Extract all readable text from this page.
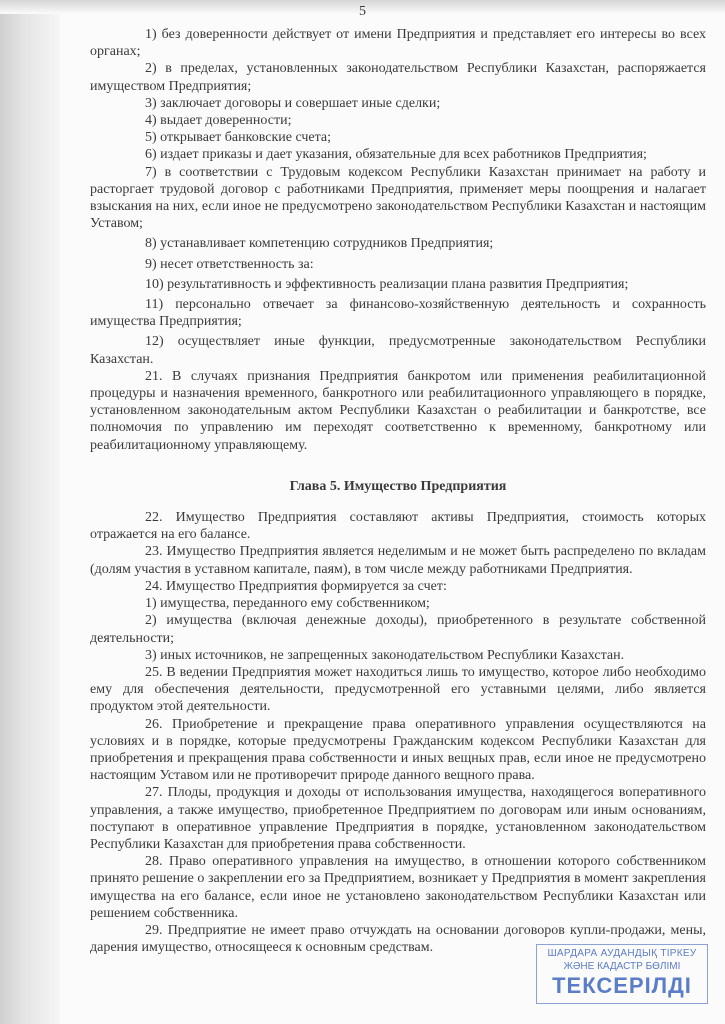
5

1) без доверенности действует от имени Предприятия и представляет его интересы во всех органах;

2) в пределах, установленных законодательством Республики Казахстан, распоряжается имуществом Предприятия;

3) заключает договоры и совершает иные сделки;

4) выдает доверенности;

5) открывает банковские счета;

6) издает приказы и дает указания, обязательные для всех работников Предприятия;

7) в соответствии с Трудовым кодексом Республики Казахстан принимает на работу и расторгает трудовой договор с работниками Предприятия, применяет меры поощрения и налагает взыскания на них, если иное не предусмотрено законодательством Республики Казахстан и настоящим Уставом;

8) устанавливает компетенцию сотрудников Предприятия;

9) несет ответственность за:

10) результативность и эффективность реализации плана развития Предприятия;

11) персонально отвечает за финансово-хозяйственную деятельность и сохранность имущества Предприятия;

12) осуществляет иные функции, предусмотренные законодательством Республики Казахстан.

21. В случаях признания Предприятия банкротом или применения реабилитационной процедуры и назначения временного, банкротного или реабилитационного управляющего в порядке, установленном законодательным актом Республики Казахстан о реабилитации и банкротстве, все полномочия по управлению им переходят соответственно к временному, банкротному или реабилитационному управляющему.

Глава 5. Имущество Предприятия

22. Имущество Предприятия составляют активы Предприятия, стоимость которых отражается на его балансе.

23. Имущество Предприятия является неделимым и не может быть распределено по вкладам (долям участия в уставном капитале, паям), в том числе между работниками Предприятия.

24. Имущество Предприятия формируется за счет:

1) имущества, переданного ему собственником;

2) имущества (включая денежные доходы), приобретенного в результате собственной деятельности;

3) иных источников, не запрещенных законодательством Республики Казахстан.

25. В ведении Предприятия может находиться лишь то имущество, которое либо необходимо ему для обеспечения деятельности, предусмотренной его уставными целями, либо является продуктом этой деятельности.

26. Приобретение и прекращение права оперативного управления осуществляются на условиях и в порядке, которые предусмотрены Гражданским кодексом Республики Казахстан для приобретения и прекращения права собственности и иных вещных прав, если иное не предусмотрено настоящим Уставом или не противоречит природе данного вещного права.

27. Плоды, продукция и доходы от использования имущества, находящегося воперативного управления, а также имущество, приобретенное Предприятием по договорам или иным основаниям, поступают в оперативное управление Предприятия в порядке, установленном законодательством Республики Казахстан для приобретения права собственности.

28. Право оперативного управления на имущество, в отношении которого собственником принято решение о закреплении его за Предприятием, возникает у Предприятия в момент закрепления имущества на его балансе, если иное не установлено законодательством Республики Казахстан или решением собственника.

29. Предприятие не имеет право отчуждать на основании договоров купли-продажи, мены, дарения имущество, относящееся к основным средствам.	ШАРДАРА АУДАНДЫҚ ТІРКЕУ
ЖӘНЕ КАДАСТР БӨЛІМІ
ТЕКСЕРІЛДІ
